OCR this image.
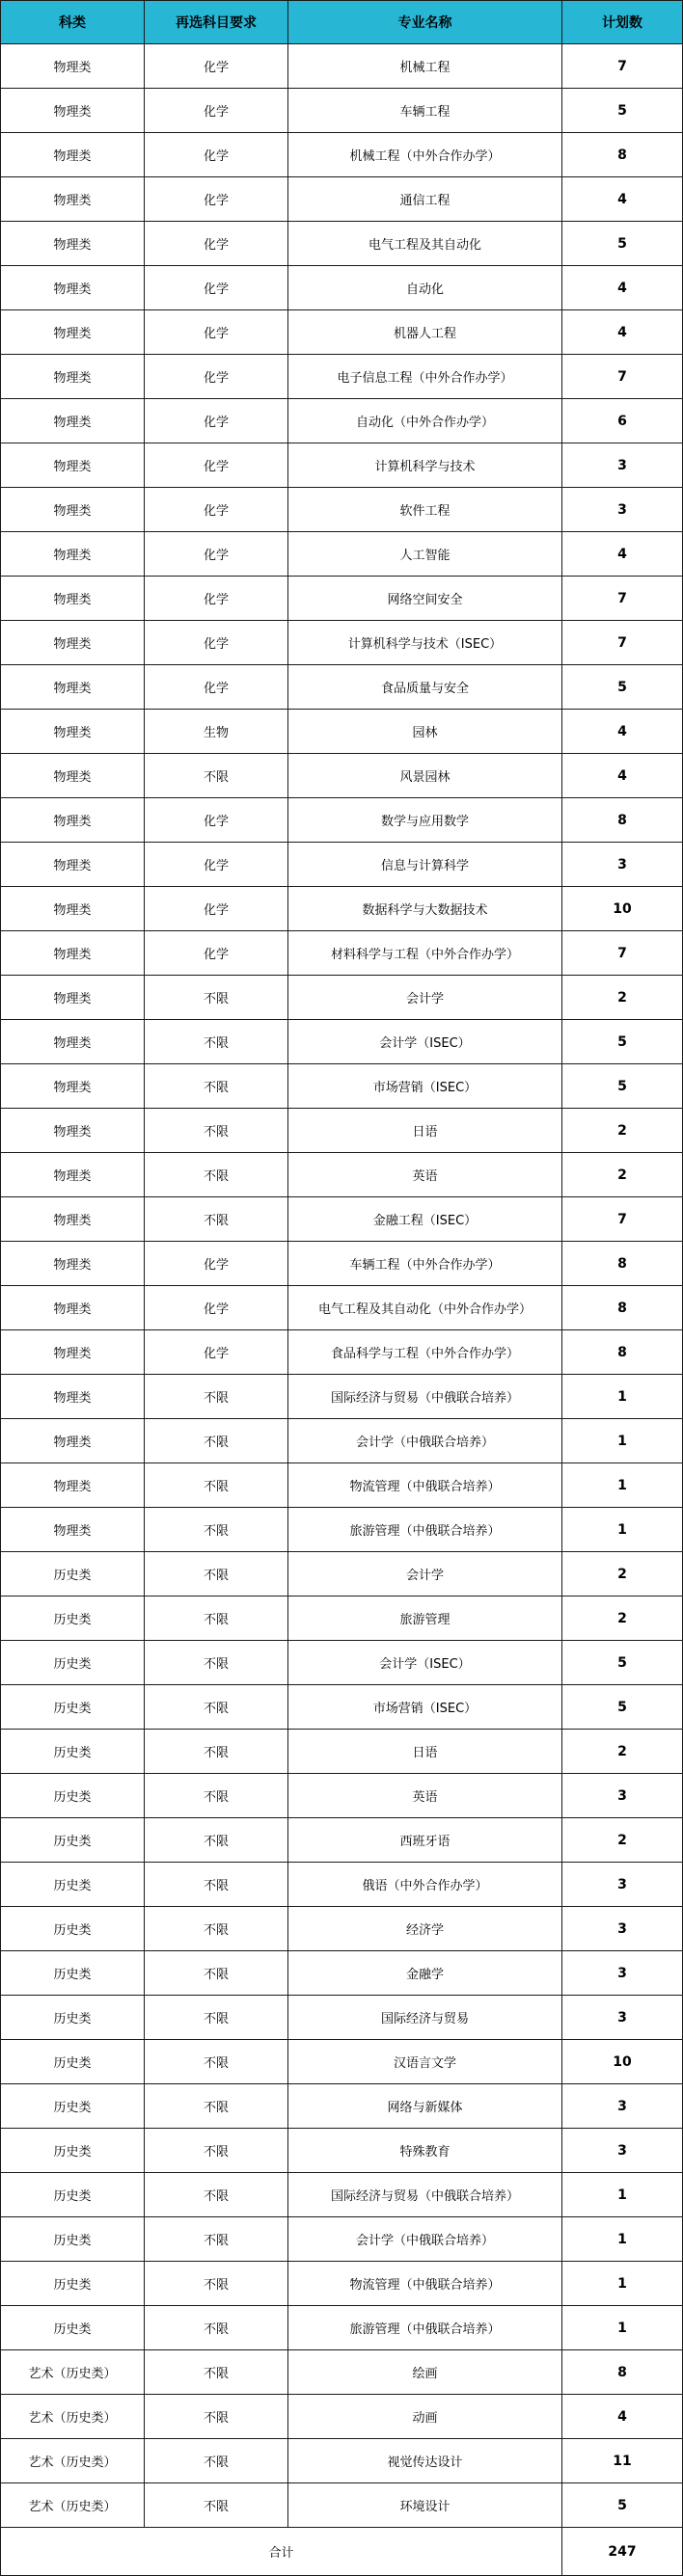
科类	再选科目要求	专业名称	计划数
物理类	化学	机械工程	7
物理类	化学	车辆工程	5
物理类	化学	机械工程（中外合作办学）	8
物理类	化学	通信工程	4
物理类	化学	电气工程及其自动化	5
物理类	化学	自动化	4
物理类	化学	机器人工程	4
物理类	化学	电子信息工程（中外合作办学）	7
物理类	化学	自动化（中外合作办学）	6
物理类	化学	计算机科学与技术	3
物理类	化学	软件工程	3
物理类	化学	人工智能	4
物理类	化学	网络空间安全	7
物理类	化学	计算机科学与技术（ISEC）	7
物理类	化学	食品质量与安全	5
物理类	生物	园林	4
物理类	不限	风景园林	4
物理类	化学	数学与应用数学	8
物理类	化学	信息与计算科学	3
物理类	化学	数据科学与大数据技术	10
物理类	化学	材料科学与工程（中外合作办学）	7
物理类	不限	会计学	2
物理类	不限	会计学（ISEC）	5
物理类	不限	市场营销（ISEC）	5
物理类	不限	日语	2
物理类	不限	英语	2
物理类	不限	金融工程（ISEC）	7
物理类	化学	车辆工程（中外合作办学）	8
物理类	化学	电气工程及其自动化（中外合作办学）	8
物理类	化学	食品科学与工程（中外合作办学）	8
物理类	不限	国际经济与贸易（中俄联合培养）	1
物理类	不限	会计学（中俄联合培养）	1
物理类	不限	物流管理（中俄联合培养）	1
物理类	不限	旅游管理（中俄联合培养）	1
历史类	不限	会计学	2
历史类	不限	旅游管理	2
历史类	不限	会计学（ISEC）	5
历史类	不限	市场营销（ISEC）	5
历史类	不限	日语	2
历史类	不限	英语	3
历史类	不限	西班牙语	2
历史类	不限	俄语（中外合作办学）	3
历史类	不限	经济学	3
历史类	不限	金融学	3
历史类	不限	国际经济与贸易	3
历史类	不限	汉语言文学	10
历史类	不限	网络与新媒体	3
历史类	不限	特殊教育	3
历史类	不限	国际经济与贸易（中俄联合培养）	1
历史类	不限	会计学（中俄联合培养）	1
历史类	不限	物流管理（中俄联合培养）	1
历史类	不限	旅游管理（中俄联合培养）	1
艺术（历史类）	不限	绘画	8
艺术（历史类）	不限	动画	4
艺术（历史类）	不限	视觉传达设计	11
艺术（历史类）	不限	环境设计	5
合计			247
